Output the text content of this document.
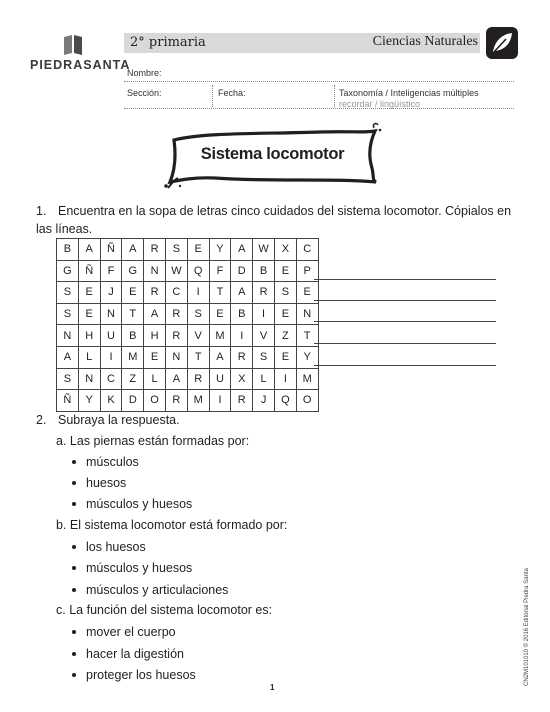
PIEDRASANTA
2° primaria	Ciencias Naturales
Nombre:
Sección:	Fecha:	Taxonomía / Inteligencias múltiples
recordar / lingüístico
Sistema locomotor
1. Encuentra en la sopa de letras cinco cuidados del sistema locomotor. Cópialos en las líneas.
B	A	Ñ	A	R	S	E	Y	A	W	X	C
G	Ñ	F	G	N	W	Q	F	D	B	E	P
S	E	J	E	R	C	I	T	A	R	S	E
S	E	N	T	A	R	S	E	B	I	E	N
N	H	U	B	H	R	V	M	I	V	Z	T
A	L	I	M	E	N	T	A	R	S	E	Y
S	N	C	Z	L	A	R	U	X	L	I	M
Ñ	Y	K	D	O	R	M	I	R	J	Q	O
2. Subraya la respuesta.
a. Las piernas están formadas por:
músculos
huesos
músculos y huesos
b. El sistema locomotor está formado por:
los huesos
músculos y huesos
músculos y articulaciones
c. La función del sistema locomotor es:
mover el cuerpo
hacer la digestión
proteger los huesos
1
CN2M101010 © 2016 Editorial Piedra Santa
